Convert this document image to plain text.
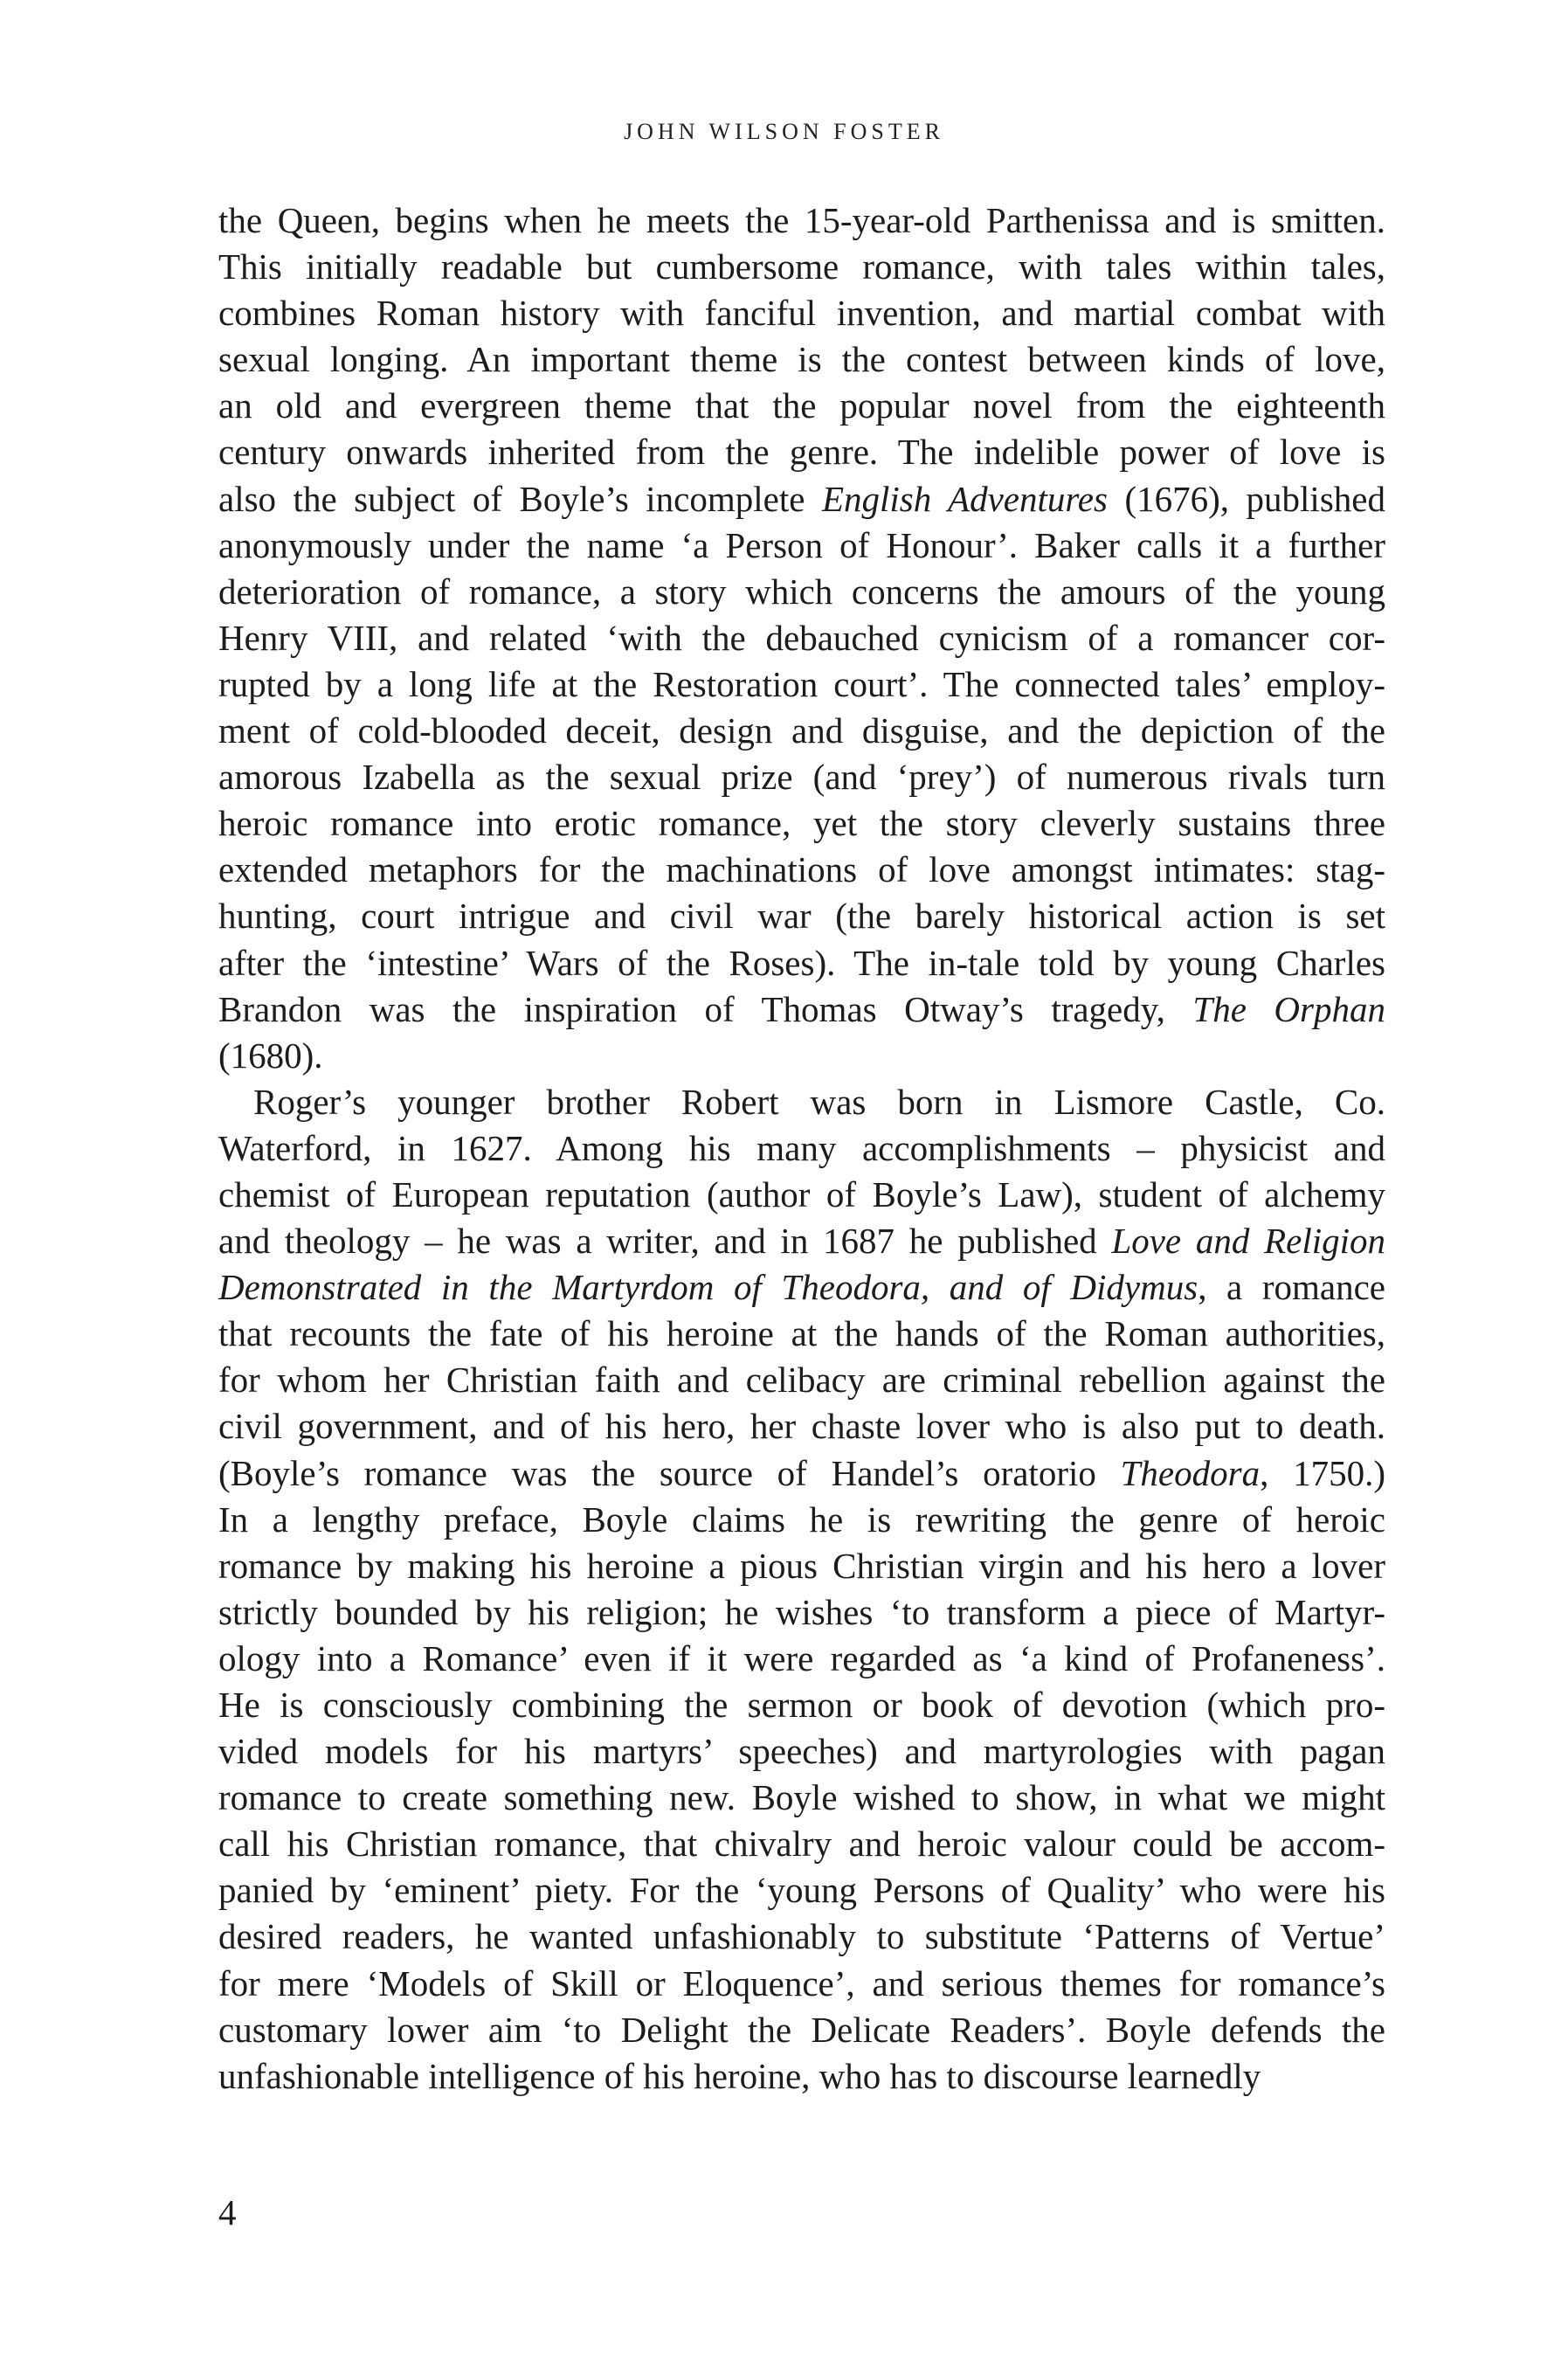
JOHN WILSON FOSTER
the Queen, begins when he meets the 15-year-old Parthenissa and is smitten.
This initially readable but cumbersome romance, with tales within tales,
combines Roman history with fanciful invention, and martial combat with
sexual longing. An important theme is the contest between kinds of love,
an old and evergreen theme that the popular novel from the eighteenth
century onwards inherited from the genre. The indelible power of love is
also the subject of Boyle’s incomplete English Adventures (1676), published
anonymously under the name ‘a Person of Honour’. Baker calls it a further
deterioration of romance, a story which concerns the amours of the young
Henry VIII, and related ‘with the debauched cynicism of a romancer cor-
rupted by a long life at the Restoration court’. The connected tales’ employ-
ment of cold-blooded deceit, design and disguise, and the depiction of the
amorous Izabella as the sexual prize (and ‘prey’) of numerous rivals turn
heroic romance into erotic romance, yet the story cleverly sustains three
extended metaphors for the machinations of love amongst intimates: stag-
hunting, court intrigue and civil war (the barely historical action is set
after the ‘intestine’ Wars of the Roses). The in-tale told by young Charles
Brandon was the inspiration of Thomas Otway’s tragedy, The Orphan
(1680).
Roger’s younger brother Robert was born in Lismore Castle, Co.
Waterford, in 1627. Among his many accomplishments – physicist and
chemist of European reputation (author of Boyle’s Law), student of alchemy
and theology – he was a writer, and in 1687 he published Love and Religion
Demonstrated in the Martyrdom of Theodora, and of Didymus, a romance
that recounts the fate of his heroine at the hands of the Roman authorities,
for whom her Christian faith and celibacy are criminal rebellion against the
civil government, and of his hero, her chaste lover who is also put to death.
(Boyle’s romance was the source of Handel’s oratorio Theodora, 1750.)
In a lengthy preface, Boyle claims he is rewriting the genre of heroic
romance by making his heroine a pious Christian virgin and his hero a lover
strictly bounded by his religion; he wishes ‘to transform a piece of Martyr-
ology into a Romance’ even if it were regarded as ‘a kind of Profaneness’.
He is consciously combining the sermon or book of devotion (which pro-
vided models for his martyrs’ speeches) and martyrologies with pagan
romance to create something new. Boyle wished to show, in what we might
call his Christian romance, that chivalry and heroic valour could be accom-
panied by ‘eminent’ piety. For the ‘young Persons of Quality’ who were his
desired readers, he wanted unfashionably to substitute ‘Patterns of Vertue’
for mere ‘Models of Skill or Eloquence’, and serious themes for romance’s
customary lower aim ‘to Delight the Delicate Readers’. Boyle defends the
unfashionable intelligence of his heroine, who has to discourse learnedly
4
